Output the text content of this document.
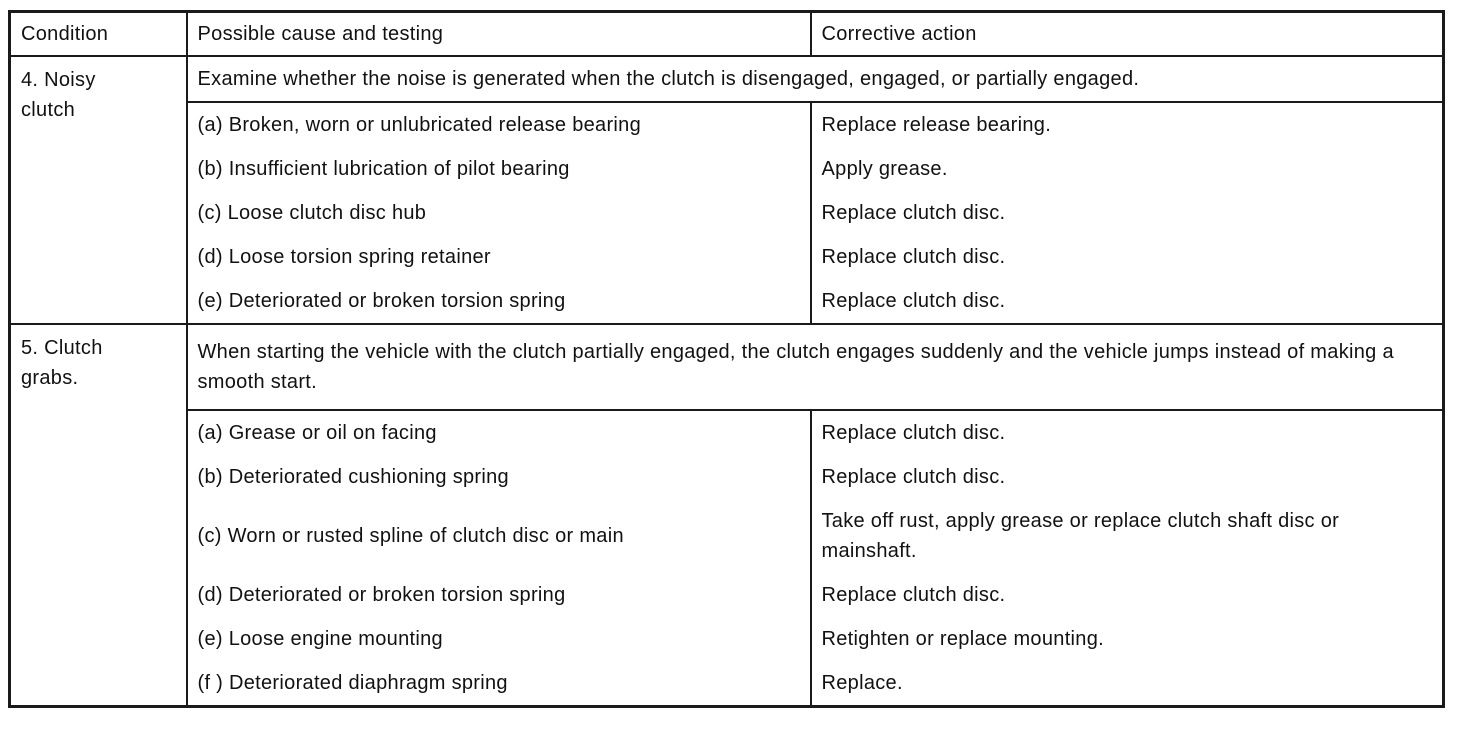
Condition	Possible cause and testing	Corrective action
4. Noisy
clutch	Examine whether the noise is generated when the clutch is disengaged, engaged, or partially engaged.	
	(a) Broken, worn or unlubricated release bearing	Replace release bearing.
	(b) Insufficient lubrication of pilot bearing	Apply grease.
	(c) Loose clutch disc hub	Replace clutch disc.
	(d) Loose torsion spring retainer	Replace clutch disc.
	(e) Deteriorated or broken torsion spring	Replace clutch disc.
5. Clutch
grabs.	When starting the vehicle with the clutch partially engaged, the clutch engages suddenly and the vehicle jumps instead of making a smooth start.	
	(a) Grease or oil on facing	Replace clutch disc.
	(b) Deteriorated cushioning spring	Replace clutch disc.
	(c) Worn or rusted spline of clutch disc or main	Take off rust, apply grease or replace clutch shaft disc or mainshaft.
	(d) Deteriorated or broken torsion spring	Replace clutch disc.
	(e) Loose engine mounting	Retighten or replace mounting.
	(f ) Deteriorated diaphragm spring	Replace.
